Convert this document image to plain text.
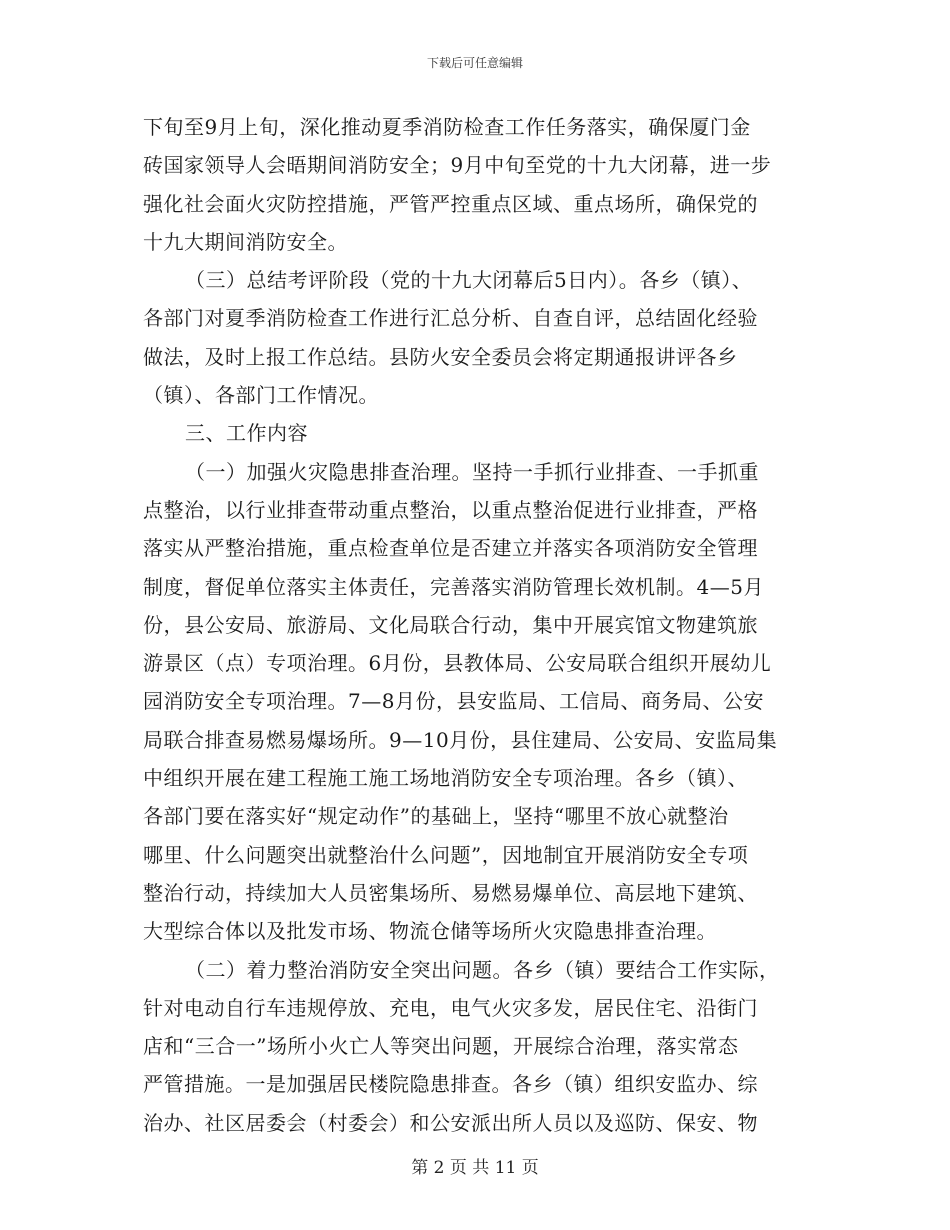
下载后可任意编辑
下旬至9月上旬，深化推动夏季消防检查工作任务落实，确保厦门金
砖国家领导人会晤期间消防安全；9月中旬至党的十九大闭幕，进一步
强化社会面火灾防控措施，严管严控重点区域、重点场所，确保党的
十九大期间消防安全。
（三）总结考评阶段（党的十九大闭幕后5日内）。各乡（镇）、
各部门对夏季消防检查工作进行汇总分析、自查自评，总结固化经验
做法，及时上报工作总结。县防火安全委员会将定期通报讲评各乡
（镇）、各部门工作情况。
三、工作内容
（一）加强火灾隐患排查治理。坚持一手抓行业排查、一手抓重
点整治，以行业排查带动重点整治，以重点整治促进行业排查，严格
落实从严整治措施，重点检查单位是否建立并落实各项消防安全管理
制度，督促单位落实主体责任，完善落实消防管理长效机制。4—5月
份，县公安局、旅游局、文化局联合行动，集中开展宾馆文物建筑旅
游景区（点）专项治理。6月份，县教体局、公安局联合组织开展幼儿
园消防安全专项治理。7—8月份，县安监局、工信局、商务局、公安
局联合排查易燃易爆场所。9—10月份，县住建局、公安局、安监局集
中组织开展在建工程施工施工场地消防安全专项治理。各乡（镇）、
各部门要在落实好“规定动作”的基础上，坚持“哪里不放心就整治
哪里、什么问题突出就整治什么问题”，因地制宜开展消防安全专项
整治行动，持续加大人员密集场所、易燃易爆单位、高层地下建筑、
大型综合体以及批发市场、物流仓储等场所火灾隐患排查治理。
（二）着力整治消防安全突出问题。各乡（镇）要结合工作实际，
针对电动自行车违规停放、充电，电气火灾多发，居民住宅、沿街门
店和“三合一”场所小火亡人等突出问题，开展综合治理，落实常态
严管措施。一是加强居民楼院隐患排查。各乡（镇）组织安监办、综
治办、社区居委会（村委会）和公安派出所人员以及巡防、保安、物
第 2 页 共 11 页
